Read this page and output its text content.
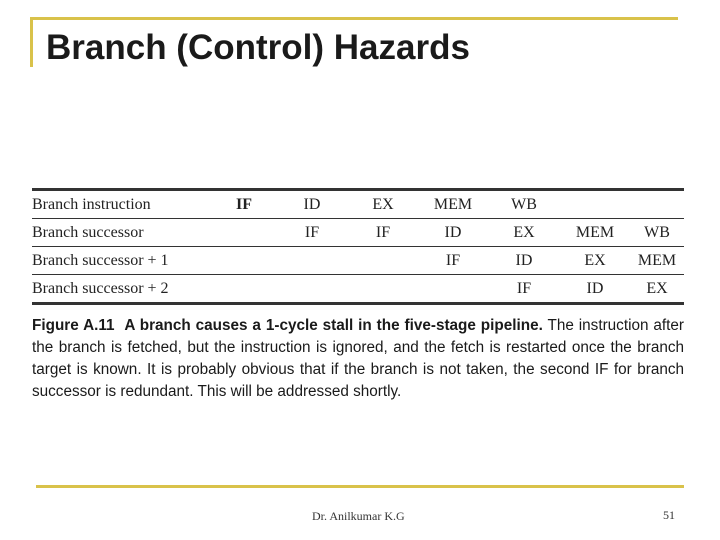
Branch (Control) Hazards
Branch instruction	IF	ID	EX	MEM	WB		
Branch successor		IF	IF	ID	EX	MEM	WB
Branch successor + 1				IF	ID	EX	MEM
Branch successor + 2					IF	ID	EX
Figure A.11 A branch causes a 1-cycle stall in the five-stage pipeline. The instruction after the branch is fetched, but the instruction is ignored, and the fetch is restarted once the branch target is known. It is probably obvious that if the branch is not taken, the second IF for branch successor is redundant. This will be addressed shortly.
Dr. Anilkumar K.G	51
